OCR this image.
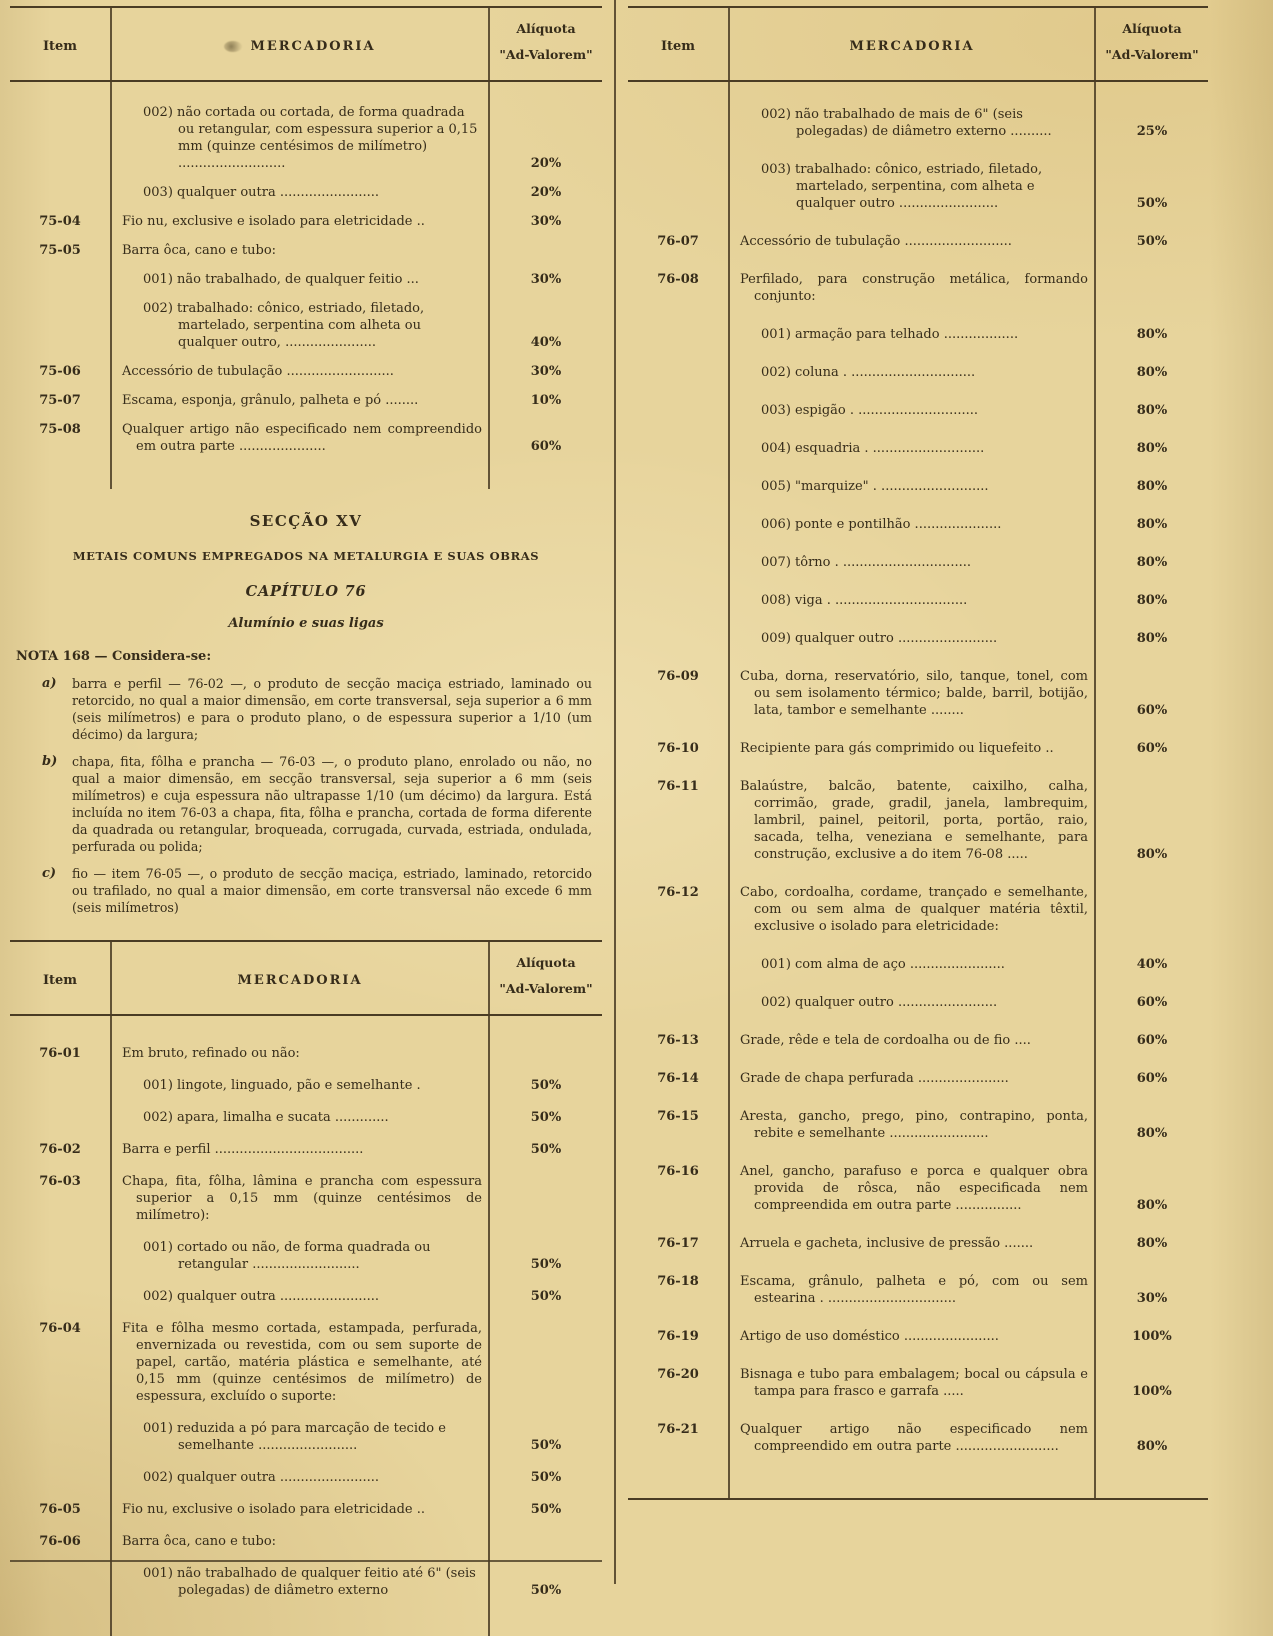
Item	MERCADORIA
Alíquota
"Ad-Valorem"
002) não cortada ou cortada, de forma quadrada ou retangular, com espessura superior a 0,15 mm (quinze centésimos de milímetro) ..........................	20%
003) qualquer outra ........................	20%
75-04	Fio nu, exclusive e isolado para eletricidade ..	30%
75-05	Barra ôca, cano e tubo:
001) não trabalhado, de qualquer feitio ...	30%
002) trabalhado: cônico, estriado, filetado, martelado, serpentina com alheta ou qualquer outro, ......................	40%
75-06	Accessório de tubulação ..........................	30%
75-07	Escama, esponja, grânulo, palheta e pó ........	10%
75-08	Qualquer artigo não especificado nem compreendido em outra parte .....................	60%
SECÇÃO XV
METAIS COMUNS EMPREGADOS NA METALURGIA E SUAS OBRAS
CAPÍTULO 76
Alumínio e suas ligas
NOTA 168 — Considera-se:
a)	barra e perfil — 76-02 —, o produto de secção maciça estriado, laminado ou retorcido, no qual a maior dimensão, em corte transversal, seja superior a 6 mm (seis milímetros) e para o produto plano, o de espessura superior a 1/10 (um décimo) da largura;
b)	chapa, fita, fôlha e prancha — 76-03 —, o produto plano, enrolado ou não, no qual a maior dimensão, em secção transversal, seja superior a 6 mm (seis milímetros) e cuja espessura não ultrapasse 1/10 (um décimo) da largura. Está incluída no item 76-03 a chapa, fita, fôlha e prancha, cortada de forma diferente da quadrada ou retangular, broqueada, corrugada, curvada, estriada, ondulada, perfurada ou polida;
c)	fio — item 76-05 —, o produto de secção maciça, estriado, laminado, retorcido ou trafilado, no qual a maior dimensão, em corte transversal não excede 6 mm (seis milímetros)
Item	MERCADORIA
Alíquota
"Ad-Valorem"
76-01	Em bruto, refinado ou não:
001) lingote, linguado, pão e semelhante .	50%
002) apara, limalha e sucata .............	50%
76-02	Barra e perfil ....................................	50%
76-03	Chapa, fita, fôlha, lâmina e prancha com espessura superior a 0,15 mm (quinze centésimos de milímetro):
001) cortado ou não, de forma quadrada ou retangular ..........................	50%
002) qualquer outra ........................	50%
76-04	Fita e fôlha mesmo cortada, estampada, perfurada, envernizada ou revestida, com ou sem suporte de papel, cartão, matéria plástica e semelhante, até 0,15 mm (quinze centésimos de milímetro) de espessura, excluído o suporte:
001) reduzida a pó para marcação de tecido e semelhante ........................	50%
002) qualquer outra ........................	50%
76-05	Fio nu, exclusive o isolado para eletricidade ..	50%
76-06	Barra ôca, cano e tubo:
001) não trabalhado de qualquer feitio até 6" (seis polegadas) de diâmetro externo	50%
Item	MERCADORIA
Alíquota
"Ad-Valorem"
002) não trabalhado de mais de 6" (seis polegadas) de diâmetro externo ..........	25%
003) trabalhado: cônico, estriado, filetado, martelado, serpentina, com alheta e qualquer outro ........................	50%
76-07	Accessório de tubulação ..........................	50%
76-08	Perfilado, para construção metálica, formando conjunto:
001) armação para telhado ..................	80%
002) coluna . ..............................	80%
003) espigão . .............................	80%
004) esquadria . ...........................	80%
005) "marquize" . ..........................	80%
006) ponte e pontilhão .....................	80%
007) tôrno . ...............................	80%
008) viga . ................................	80%
009) qualquer outro ........................	80%
76-09	Cuba, dorna, reservatório, silo, tanque, tonel, com ou sem isolamento térmico; balde, barril, botijão, lata, tambor e semelhante ........	60%
76-10	Recipiente para gás comprimido ou liquefeito ..	60%
76-11	Balaústre, balcão, batente, caixilho, calha, corrimão, grade, gradil, janela, lambrequim, lambril, painel, peitoril, porta, portão, raio, sacada, telha, veneziana e semelhante, para construção, exclusive a do item 76-08 .....	80%
76-12	Cabo, cordoalha, cordame, trançado e semelhante, com ou sem alma de qualquer matéria têxtil, exclusive o isolado para eletricidade:
001) com alma de aço .......................	40%
002) qualquer outro ........................	60%
76-13	Grade, rêde e tela de cordoalha ou de fio ....	60%
76-14	Grade de chapa perfurada ......................	60%
76-15	Aresta, gancho, prego, pino, contrapino, ponta, rebite e semelhante ........................	80%
76-16	Anel, gancho, parafuso e porca e qualquer obra provida de rôsca, não especificada nem compreendida em outra parte ................	80%
76-17	Arruela e gacheta, inclusive de pressão .......	80%
76-18	Escama, grânulo, palheta e pó, com ou sem estearina . ...............................	30%
76-19	Artigo de uso doméstico .......................	100%
76-20	Bisnaga e tubo para embalagem; bocal ou cápsula e tampa para frasco e garrafa .....	100%
76-21	Qualquer artigo não especificado nem compreendido em outra parte .........................	80%
